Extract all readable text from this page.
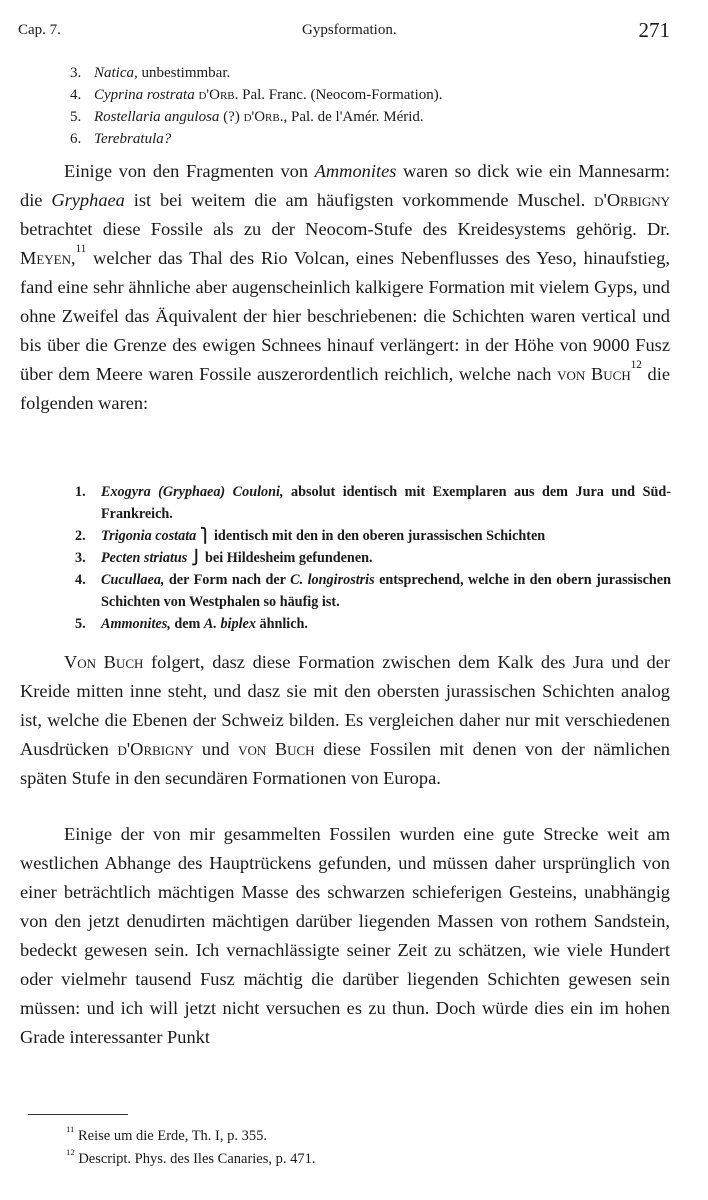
Cap. 7.	Gypsformation.	271
3. Natica, unbestimmbar.
4. Cyprina rostrata d'Orb. Pal. Franc. (Neocom-Formation).
5. Rostellaria angulosa (?) d'Orb., Pal. de l'Amér. Mérid.
6. Terebratula?

Einige von den Fragmenten von Ammonites waren so dick wie ein Mannesarm: die Gryphaea ist bei weitem die am häufigsten vorkommende Muschel. d'Orbigny betrachtet diese Fossile als zu der Neocom-Stufe des Kreidesystems gehörig. Dr. Meyen,$^{11}$ welcher das Thal des Rio Volcan, eines Nebenflusses des Yeso, hinaufstieg, fand eine sehr ähnliche aber augenscheinlich kalkigere Formation mit vielem Gyps, und ohne Zweifel das Äquivalent der hier beschriebenen: die Schichten waren vertical und bis über die Grenze des ewigen Schnees hinauf verlängert: in der Höhe von 9000 Fusz über dem Meere waren Fossile auszerordentlich reichlich, welche nach von Buch$^{12}$ die folgenden waren:

1. Exogyra (Gryphaea) Couloni, absolut identisch mit Exemplaren aus dem Jura und Süd-Frankreich.
2. Trigonia costata ⎫ identisch mit den in den oberen jurassischen Schichten
3. Pecten striatus ⎭ bei Hildesheim gefundenen.
4. Cucullaea, der Form nach der C. longirostris entsprechend, welche in den obern jurassischen Schichten von Westphalen so häufig ist.
5. Ammonites, dem A. biplex ähnlich.

Von Buch folgert, dasz diese Formation zwischen dem Kalk des Jura und der Kreide mitten inne steht, und dasz sie mit den obersten jurassischen Schichten analog ist, welche die Ebenen der Schweiz bilden. Es vergleichen daher nur mit verschiedenen Ausdrücken d'Orbigny und von Buch diese Fossilen mit denen von der nämlichen späten Stufe in den secundären Formationen von Europa.

Einige der von mir gesammelten Fossilen wurden eine gute Strecke weit am westlichen Abhange des Hauptrückens gefunden, und müssen daher ursprünglich von einer beträchtlich mächtigen Masse des schwarzen schieferigen Gesteins, unabhängig von den jetzt denudirten mächtigen darüber liegenden Massen von rothem Sandstein, bedeckt gewesen sein. Ich vernachlässigte seiner Zeit zu schätzen, wie viele Hundert oder vielmehr tausend Fusz mächtig die darüber liegenden Schichten gewesen sein müssen: und ich will jetzt nicht versuchen es zu thun. Doch würde dies ein im hohen Grade interessanter Punkt

$^{11}$ Reise um die Erde, Th. I, p. 355.
$^{12}$ Descript. Phys. des Iles Canaries, p. 471.
